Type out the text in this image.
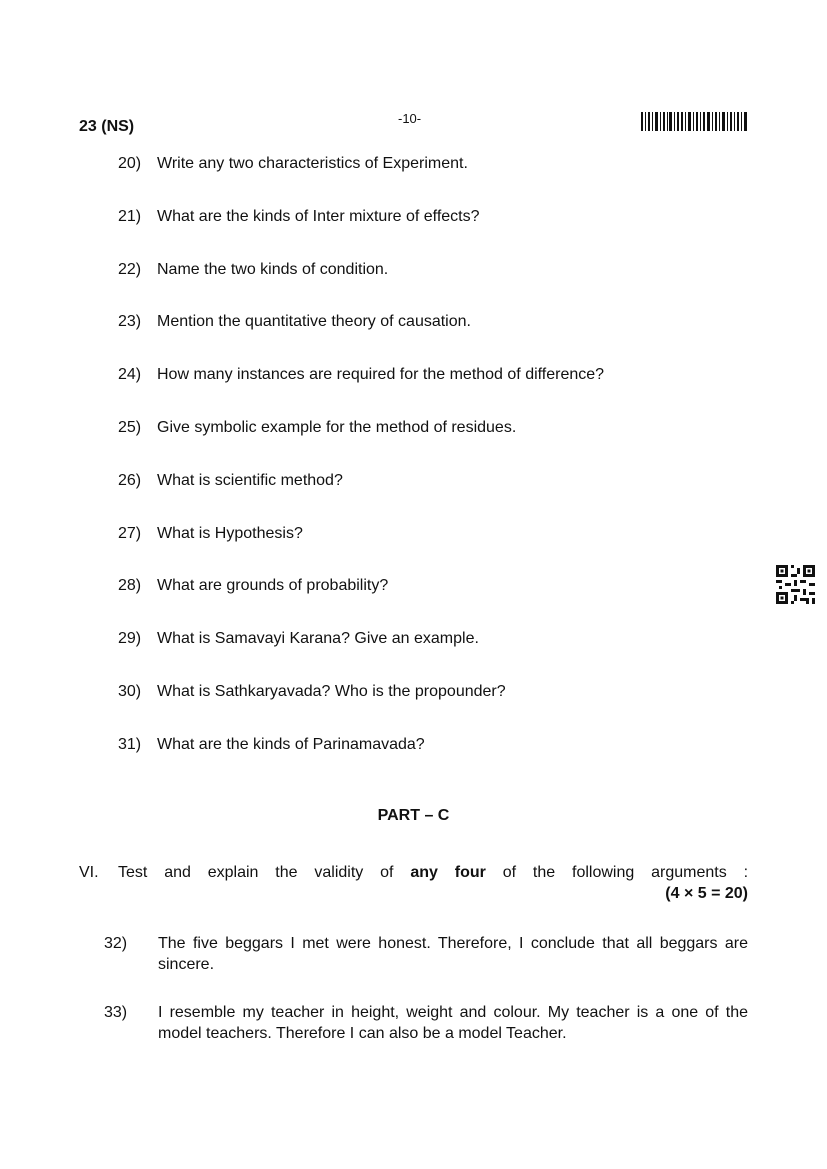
23 (NS)	-10-
20) Write any two characteristics of Experiment.
21) What are the kinds of Inter mixture of effects?
22) Name the two kinds of condition.
23) Mention the quantitative theory of causation.
24) How many instances are required for the method of difference?
25) Give symbolic example for the method of residues.
26) What is scientific method?
27) What is Hypothesis?
28) What are grounds of probability?
29) What is Samavayi Karana? Give an example.
30) What is Sathkaryavada? Who is the propounder?
31) What are the kinds of Parinamavada?
PART – C
VI.	Test and explain the validity of any four of the following arguments :
(4 × 5 = 20)
32)	The five beggars I met were honest. Therefore, I conclude that all beggars are sincere.
33)	I resemble my teacher in height, weight and colour. My teacher is a one of the model teachers. Therefore I can also be a model Teacher.
